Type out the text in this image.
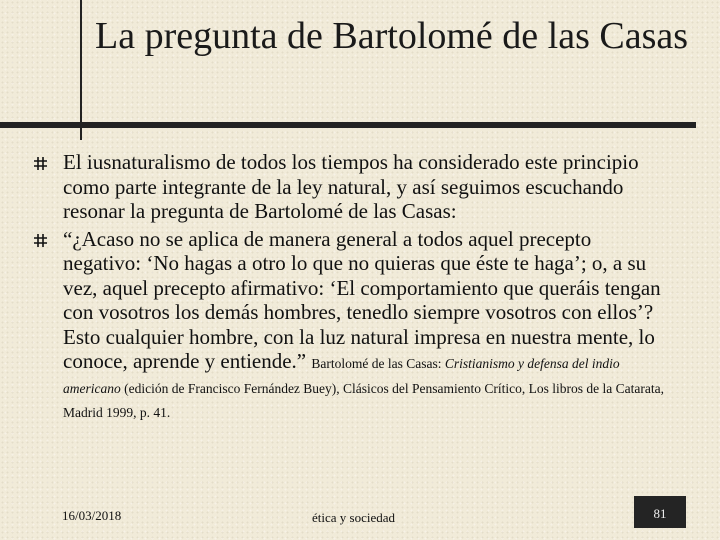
La pregunta de Bartolomé de las Casas
El iusnaturalismo de todos los tiempos ha considerado este principio como parte integrante de la ley natural, y así seguimos escuchando resonar la pregunta de Bartolomé de las Casas:
“¿Acaso no se aplica de manera general a todos aquel precepto negativo: ‘No hagas a otro lo que no quieras que éste te haga’; o, a su vez, aquel precepto afirmativo: ‘El comportamiento que queráis tengan con vosotros los demás hombres, tenedlo siempre vosotros con ellos’? Esto cualquier hombre, con la luz natural impresa en nuestra mente, lo conoce, aprende y entiende.” Bartolomé de las Casas: Cristianismo y defensa del indio americano (edición de Francisco Fernández Buey), Clásicos del Pensamiento Crítico, Los libros de la Catarata, Madrid 1999, p. 41.
16/03/2018	ética y sociedad	81
